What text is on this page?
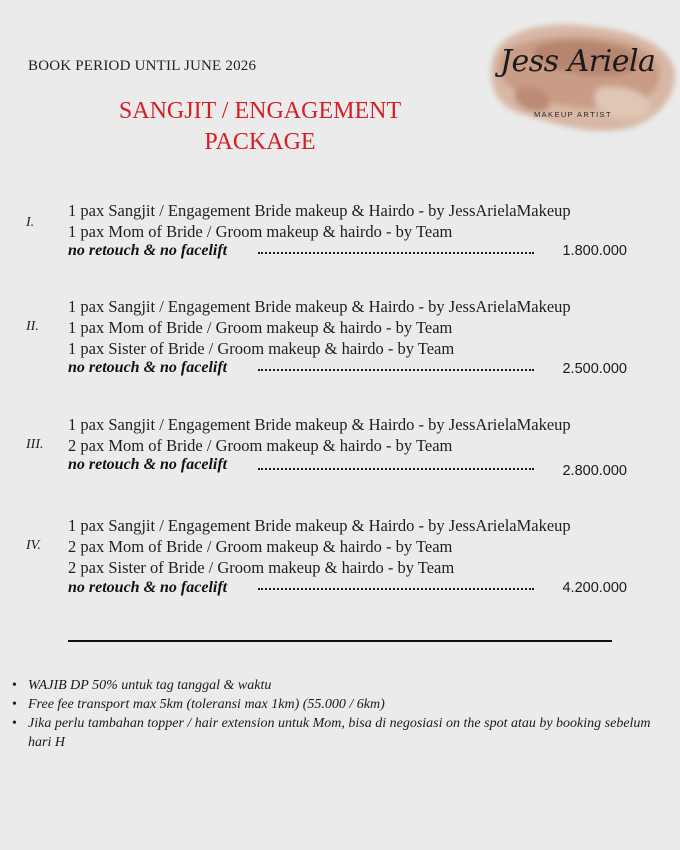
BOOK PERIOD UNTIL JUNE 2026
SANGJIT / ENGAGEMENT
PACKAGE
Jess Ariela
MAKEUP ARTIST
I.
1 pax Sangjit / Engagement Bride makeup & Hairdo - by JessArielaMakeup
1 pax Mom of Bride / Groom makeup & hairdo - by Team
no retouch & no facelift	1.800.000
II.
1 pax Sangjit / Engagement Bride makeup & Hairdo - by JessArielaMakeup
1 pax Mom of Bride / Groom makeup & hairdo - by Team
1 pax Sister of Bride / Groom makeup & hairdo - by Team
no retouch & no facelift	2.500.000
III.
1 pax Sangjit / Engagement Bride makeup & Hairdo - by JessArielaMakeup
2 pax Mom of Bride / Groom makeup & hairdo - by Team
no retouch & no facelift	2.800.000
IV.
1 pax Sangjit / Engagement Bride makeup & Hairdo - by JessArielaMakeup
2 pax Mom of Bride / Groom makeup & hairdo - by Team
2 pax Sister of Bride / Groom makeup & hairdo - by Team
no retouch & no facelift	4.200.000
• WAJIB DP 50% untuk tag tanggal & waktu
• Free fee transport max 5km (toleransi max 1km) (55.000 / 6km)
• Jika perlu tambahan topper / hair extension untuk Mom, bisa di negosiasi on the spot atau by booking sebelum hari H
